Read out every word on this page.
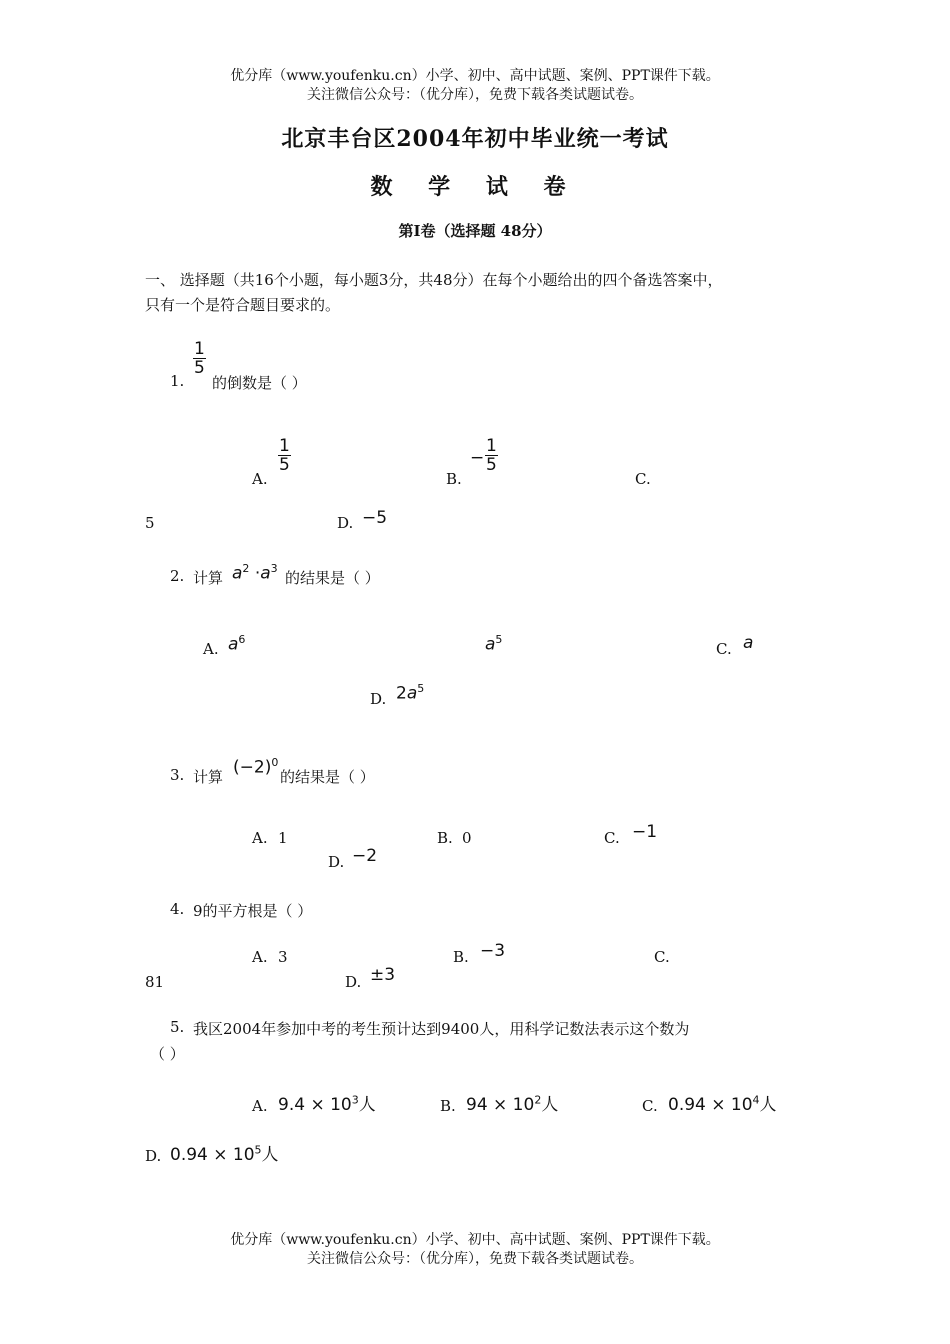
优分库（www.youfenku.cn）小学、初中、高中试题、案例、PPT课件下载。
关注微信公众号：（优分库），免费下载各类试题试卷。
北京丰台区2004年初中毕业统一考试
数 学 试 卷
第I卷（选择题 48分）
一、 选择题（共16个小题，每小题3分，共48分）在每个小题给出的四个备选答案中，
只有一个是符合题目要求的。
1.
$\frac{1}{5}$
的倒数是（ ）
A.
$\frac{1}{5}$
B.
− $\frac{1}{5}$
C.
5	D. −5
2. 计算 $a^2 \cdot a^3$
的结果是（ ）
A. $a^6$	$a^5$
C. a
D. $2a^5$
3. 计算 $(-2)^0$
的结果是（ ）
A. 1	B. 0	C. −1
D. −2
4. 9的平方根是（ ）
A. 3	B. −3	C.
81	D. ±3
5. 我区2004年参加中考的考生预计达到9400人，用科学记数法表示这个数为
（ ）
A. $9.4 \times 10^3$人	B. $94 \times 10^2$人	C. $0.94 \times 10^4$人
D. $0.94 \times 10^5$人
优分库（www.youfenku.cn）小学、初中、高中试题、案例、PPT课件下载。
关注微信公众号：（优分库），免费下载各类试题试卷。
